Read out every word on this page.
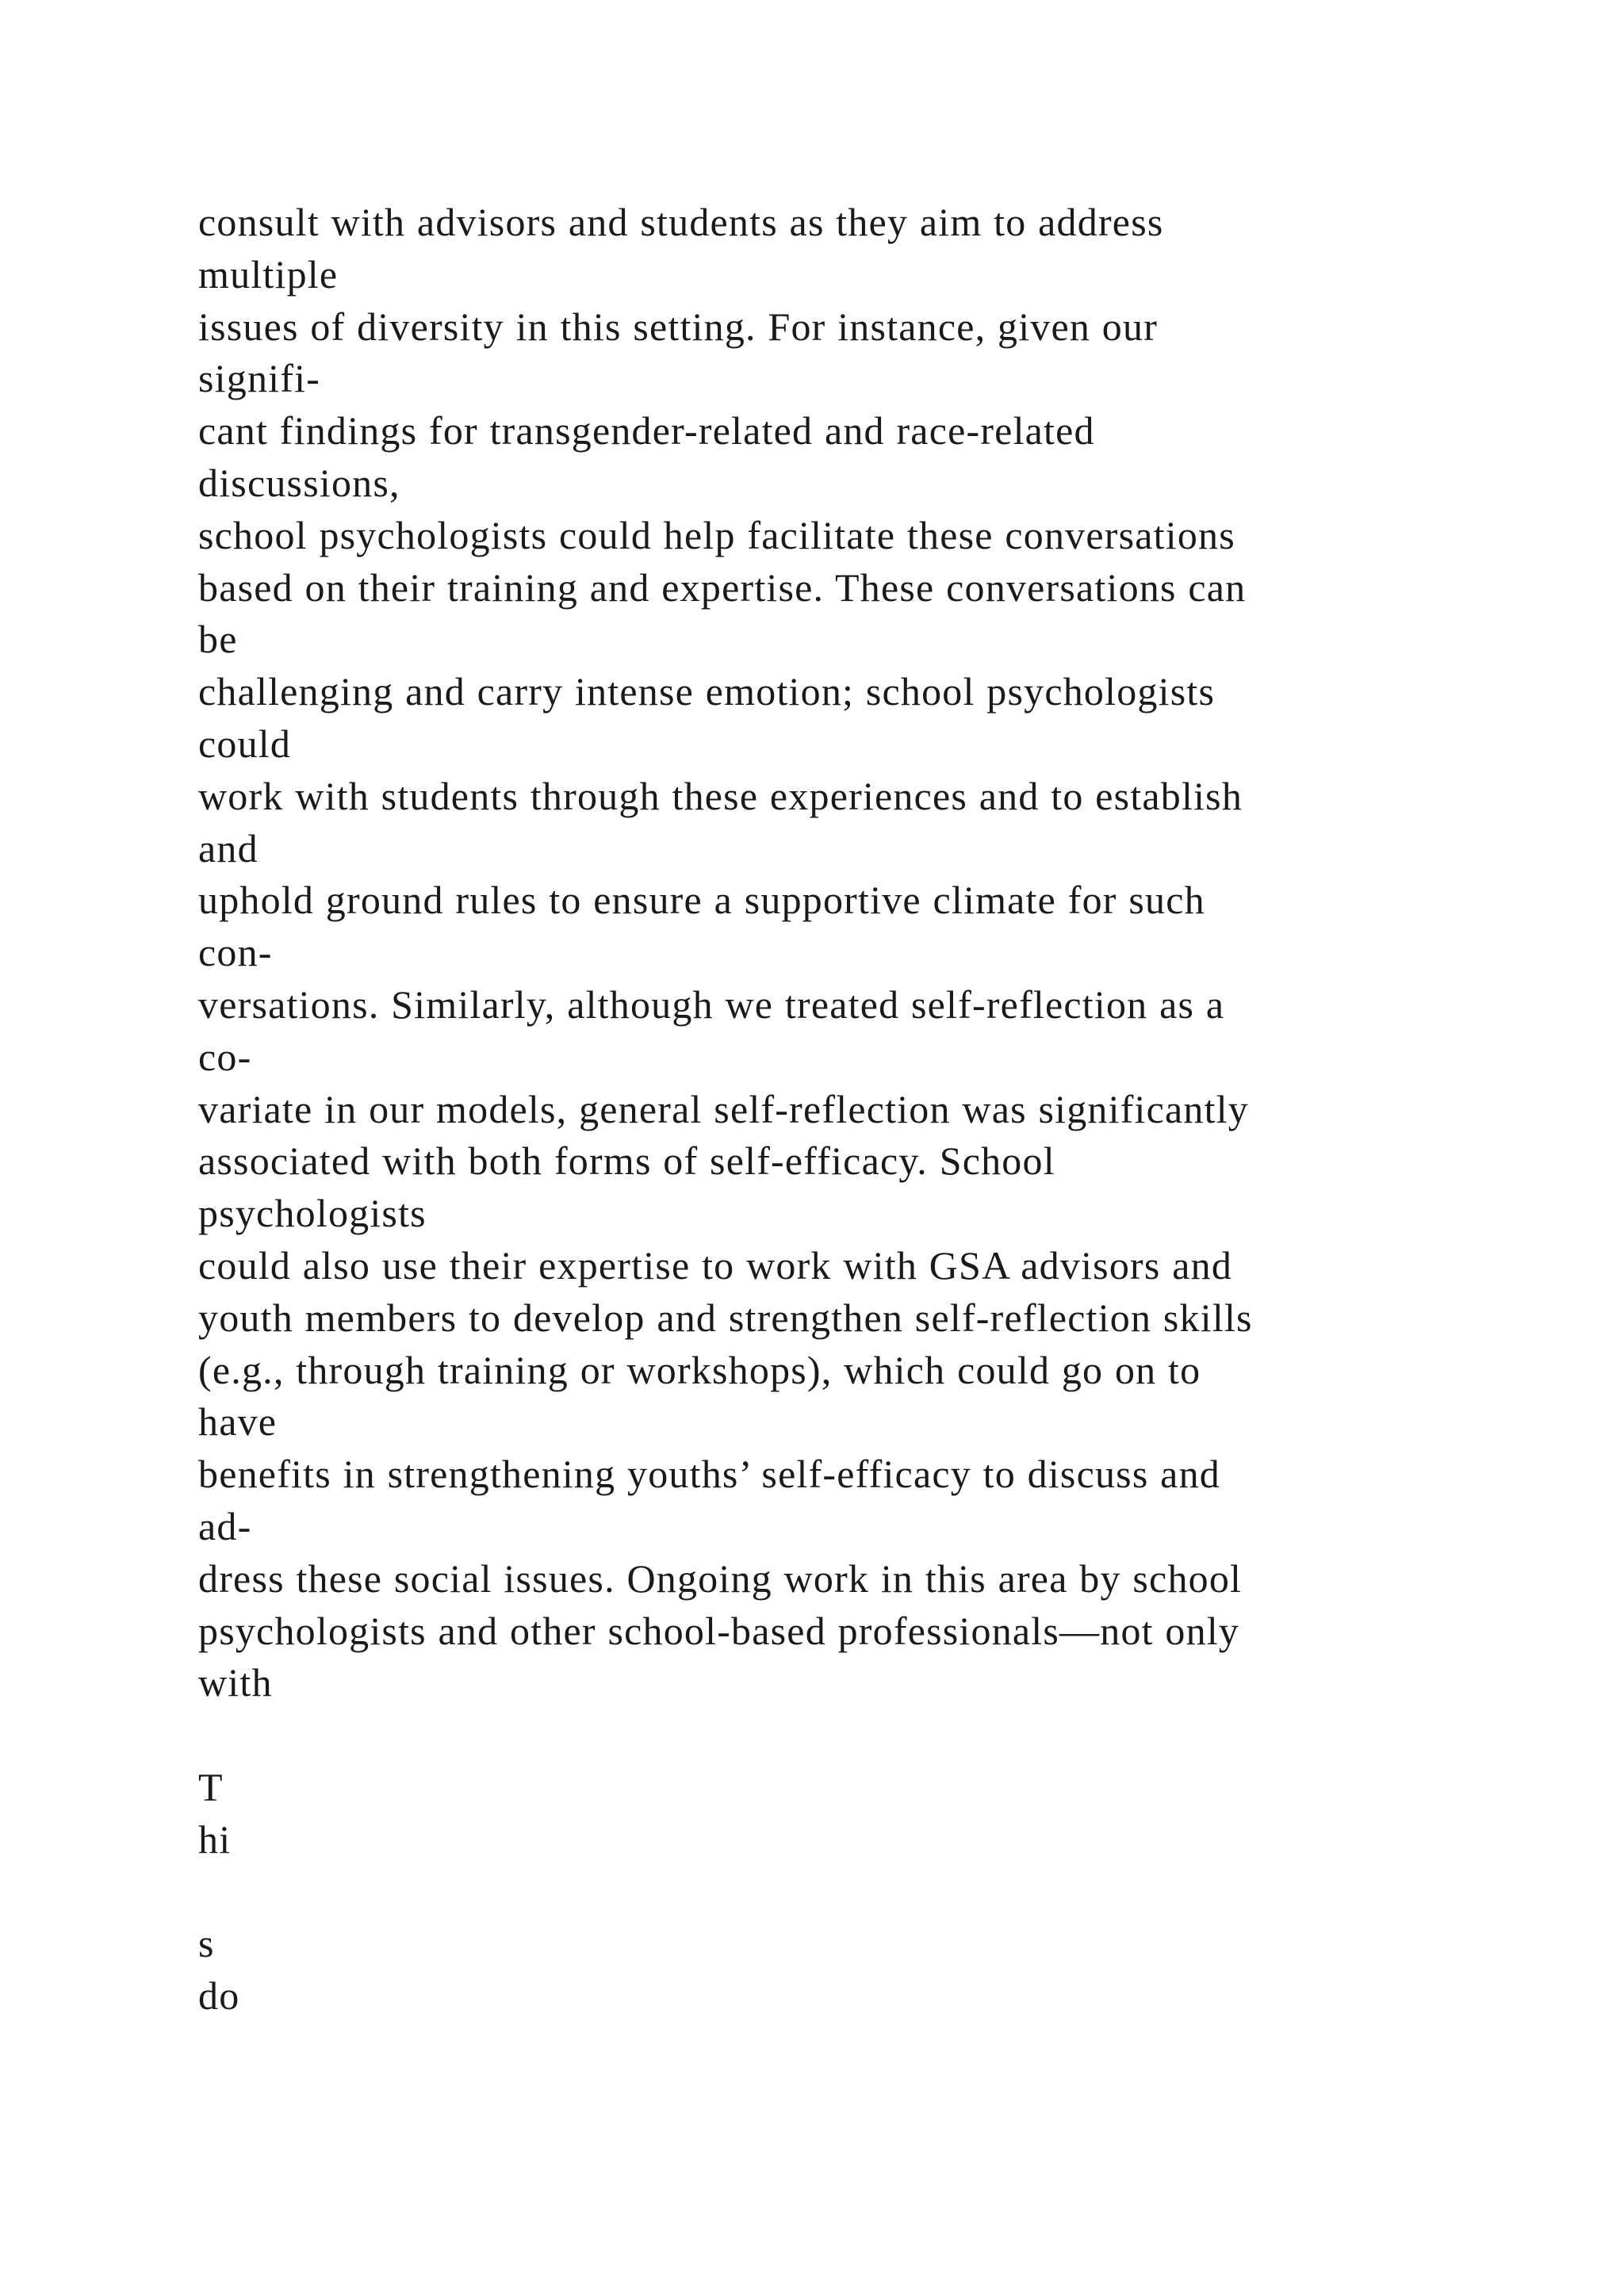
consult with advisors and students as they aim to address
multiple
issues of diversity in this setting. For instance, given our
signifi-
cant findings for transgender-related and race-related
discussions,
school psychologists could help facilitate these conversations
based on their training and expertise. These conversations can
be
challenging and carry intense emotion; school psychologists
could
work with students through these experiences and to establish
and
uphold ground rules to ensure a supportive climate for such
con-
versations. Similarly, although we treated self-reflection as a
co-
variate in our models, general self-reflection was significantly
associated with both forms of self-efficacy. School
psychologists
could also use their expertise to work with GSA advisors and
youth members to develop and strengthen self-reflection skills
(e.g., through training or workshops), which could go on to
have
benefits in strengthening youths’ self-efficacy to discuss and
ad-
dress these social issues. Ongoing work in this area by school
psychologists and other school-based professionals—not only
with
T
hi
s
do
